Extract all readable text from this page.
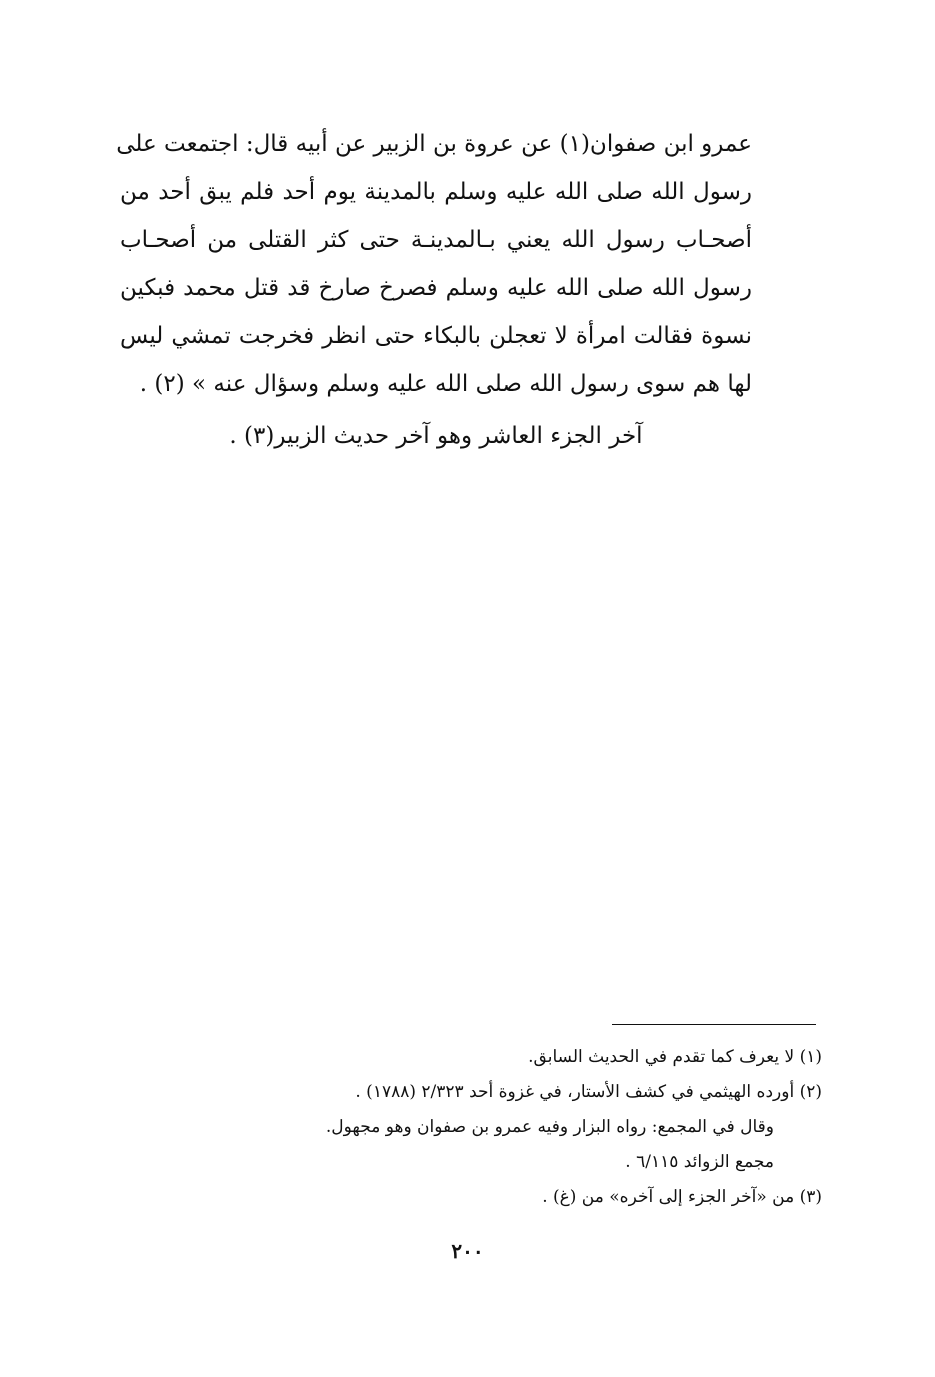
عمرو ابن صفوان(١) عن عروة بن الزبير عن أبيه قال: اجتمعت على
رسول الله صلى الله عليه وسلم بالمدينة يوم أحد فلم يبق أحد من
أصحـاب رسول الله يعني بـالمدينـة حتى كثر القتلى من أصحـاب
رسول الله صلى الله عليه وسلم فصرخ صارخ قد قتل محمد فبكين
نسوة فقالت امرأة لا تعجلن بالبكاء حتى انظر فخرجت تمشي ليس
لها هم سوى رسول الله صلى الله عليه وسلم وسؤال عنه » (٢) .
آخر الجزء العاشر وهو آخر حديث الزبير(٣) .
(١) لا يعرف كما تقدم في الحديث السابق.
(٢) أورده الهيثمي في كشف الأستار، في غزوة أحد ٢/٣٢٣ (١٧٨٨) .
وقال في المجمع: رواه البزار وفيه عمرو بن صفوان وهو مجهول.
مجمع الزوائد ٦/١١٥ .
(٣) من «آخر الجزء إلى آخره» من (غ) .
٢٠٠
